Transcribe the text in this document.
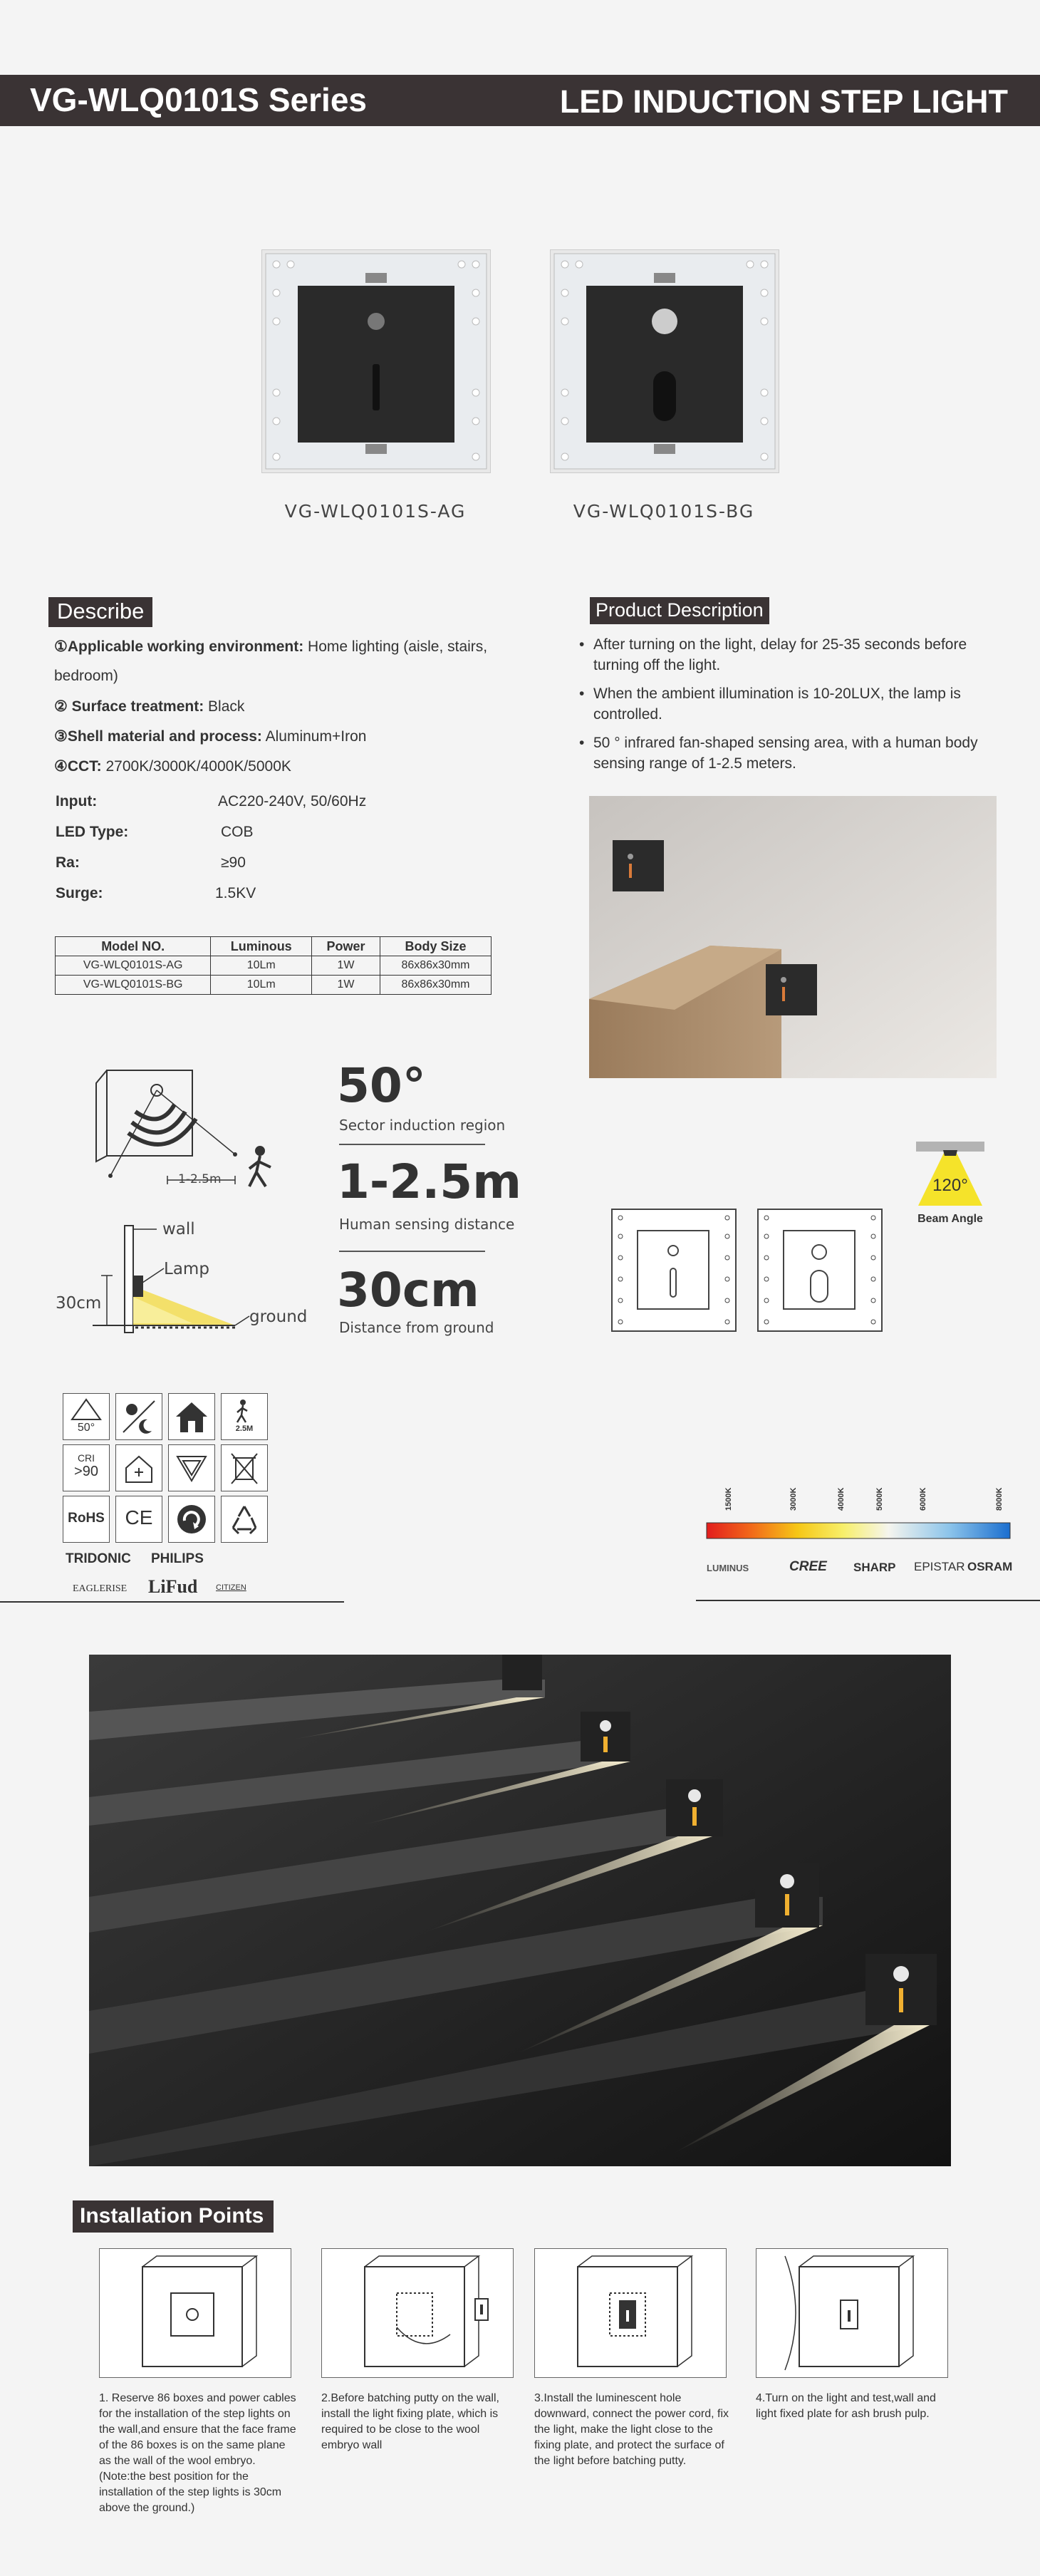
VG-WLQ0101S Series	LED INDUCTION STEP LIGHT
VG-WLQ0101S-AG	VG-WLQ0101S-BG
Describe
①Applicable working environment: Home lighting (aisle, stairs,
bedroom)
② Surface treatment: Black
③Shell material and process: Aluminum+Iron
④CCT: 2700K/3000K/4000K/5000K
Input:	AC220-240V, 50/60Hz
LED Type:	COB
Ra:	≥90
Surge:	1.5KV
Model NO.	Luminous	Power	Body Size
VG-WLQ0101S-AG	10Lm	1W	86x86x30mm
VG-WLQ0101S-BG	10Lm	1W	86x86x30mm
Product Description
• After turning on the light, delay for 25-35 seconds before turning off the light.
• When the ambient illumination is 10-20LUX, the lamp is controlled.
• 50 ° infrared fan-shaped sensing area, with a human body sensing range of 1-2.5 meters.
1-2.5m
wall
Lamp
ground
30cm
50°
Sector induction region
1-2.5m
Human sensing distance
30cm
Distance from ground
120°
Beam Angle
50°	2.5M
CRI
>90
RoHS	CE
TRIDONIC PHILIPS
EAGLERISE LiFud CITIZEN
1500K	3000K	4000K	5000K	6000K	8000K
LUMINUS	CREE SHARP EPISTAR OSRAM
Installation Points
1. Reserve 86 boxes and power cables for the installation of the step lights on the wall,and ensure that the face frame of the 86 boxes is on the same plane as the wall of the wool embryo.(Note:the best position for the installation of the step lights is 30cm above the ground.)
2.Before batching putty on the wall, install the light fixing plate, which is required to be close to the wool embryo wall
3.Install the luminescent hole downward, connect the power cord, fix the light, make the light close to the fixing plate, and protect the surface of the light before batching putty.
4.Turn on the light and test,wall and light fixed plate for ash brush pulp.
